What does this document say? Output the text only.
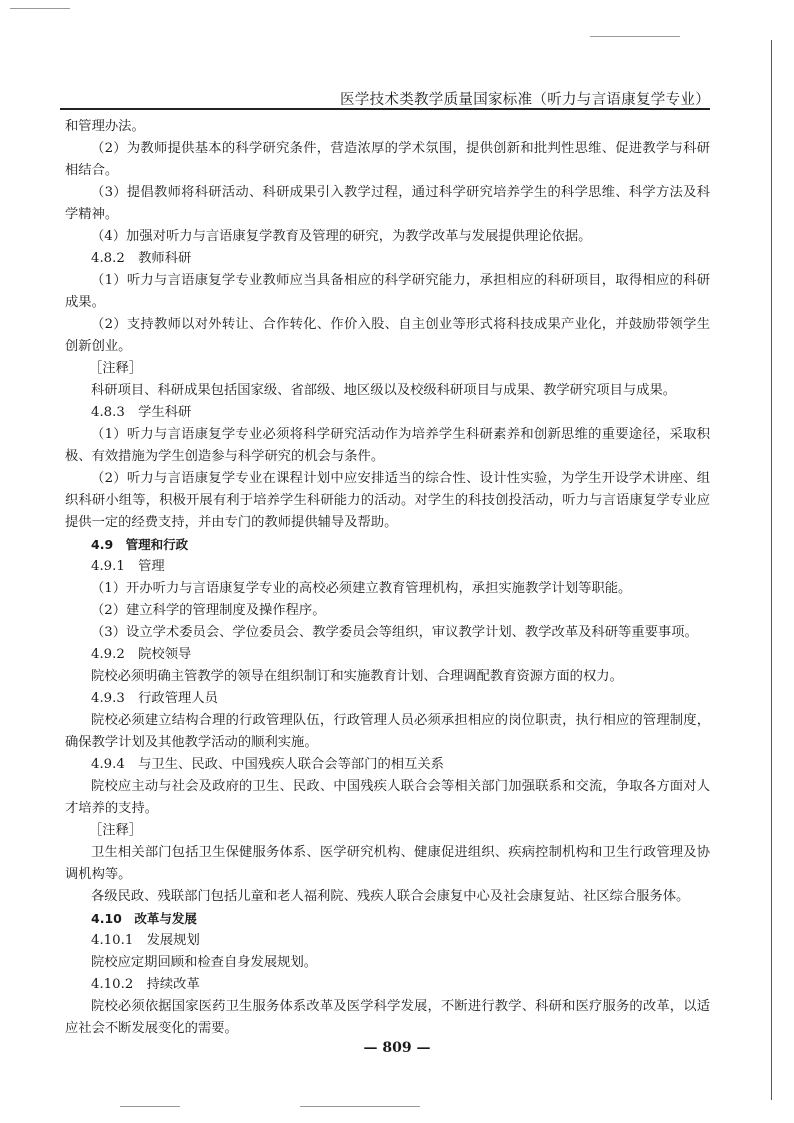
医学技术类教学质量国家标准（听力与言语康复学专业）

和管理办法。

（2）为教师提供基本的科学研究条件，营造浓厚的学术氛围，提供创新和批判性思维、促进教学与科研相结合。

（3）提倡教师将科研活动、科研成果引入教学过程，通过科学研究培养学生的科学思维、科学方法及科学精神。

（4）加强对听力与言语康复学教育及管理的研究，为教学改革与发展提供理论依据。

4.8.2　教师科研

（1）听力与言语康复学专业教师应当具备相应的科学研究能力，承担相应的科研项目，取得相应的科研成果。

（2）支持教师以对外转让、合作转化、作价入股、自主创业等形式将科技成果产业化，并鼓励带领学生创新创业。

［注释］

科研项目、科研成果包括国家级、省部级、地区级以及校级科研项目与成果、教学研究项目与成果。

4.8.3　学生科研

（1）听力与言语康复学专业必须将科学研究活动作为培养学生科研素养和创新思维的重要途径，采取积极、有效措施为学生创造参与科学研究的机会与条件。

（2）听力与言语康复学专业在课程计划中应安排适当的综合性、设计性实验，为学生开设学术讲座、组织科研小组等，积极开展有利于培养学生科研能力的活动。对学生的科技创投活动，听力与言语康复学专业应提供一定的经费支持，并由专门的教师提供辅导及帮助。

4.9　管理和行政

4.9.1　管理

（1）开办听力与言语康复学专业的高校必须建立教育管理机构，承担实施教学计划等职能。

（2）建立科学的管理制度及操作程序。

（3）设立学术委员会、学位委员会、教学委员会等组织，审议教学计划、教学改革及科研等重要事项。

4.9.2　院校领导

院校必须明确主管教学的领导在组织制订和实施教育计划、合理调配教育资源方面的权力。

4.9.3　行政管理人员

院校必须建立结构合理的行政管理队伍，行政管理人员必须承担相应的岗位职责，执行相应的管理制度，确保教学计划及其他教学活动的顺利实施。

4.9.4　与卫生、民政、中国残疾人联合会等部门的相互关系

院校应主动与社会及政府的卫生、民政、中国残疾人联合会等相关部门加强联系和交流，争取各方面对人才培养的支持。

［注释］

卫生相关部门包括卫生保健服务体系、医学研究机构、健康促进组织、疾病控制机构和卫生行政管理及协调机构等。

各级民政、残联部门包括儿童和老人福利院、残疾人联合会康复中心及社会康复站、社区综合服务体。

4.10　改革与发展

4.10.1　发展规划

院校应定期回顾和检查自身发展规划。

4.10.2　持续改革

院校必须依据国家医药卫生服务体系改革及医学科学发展，不断进行教学、科研和医疗服务的改革，以适应社会不断发展变化的需要。

— 809 —
